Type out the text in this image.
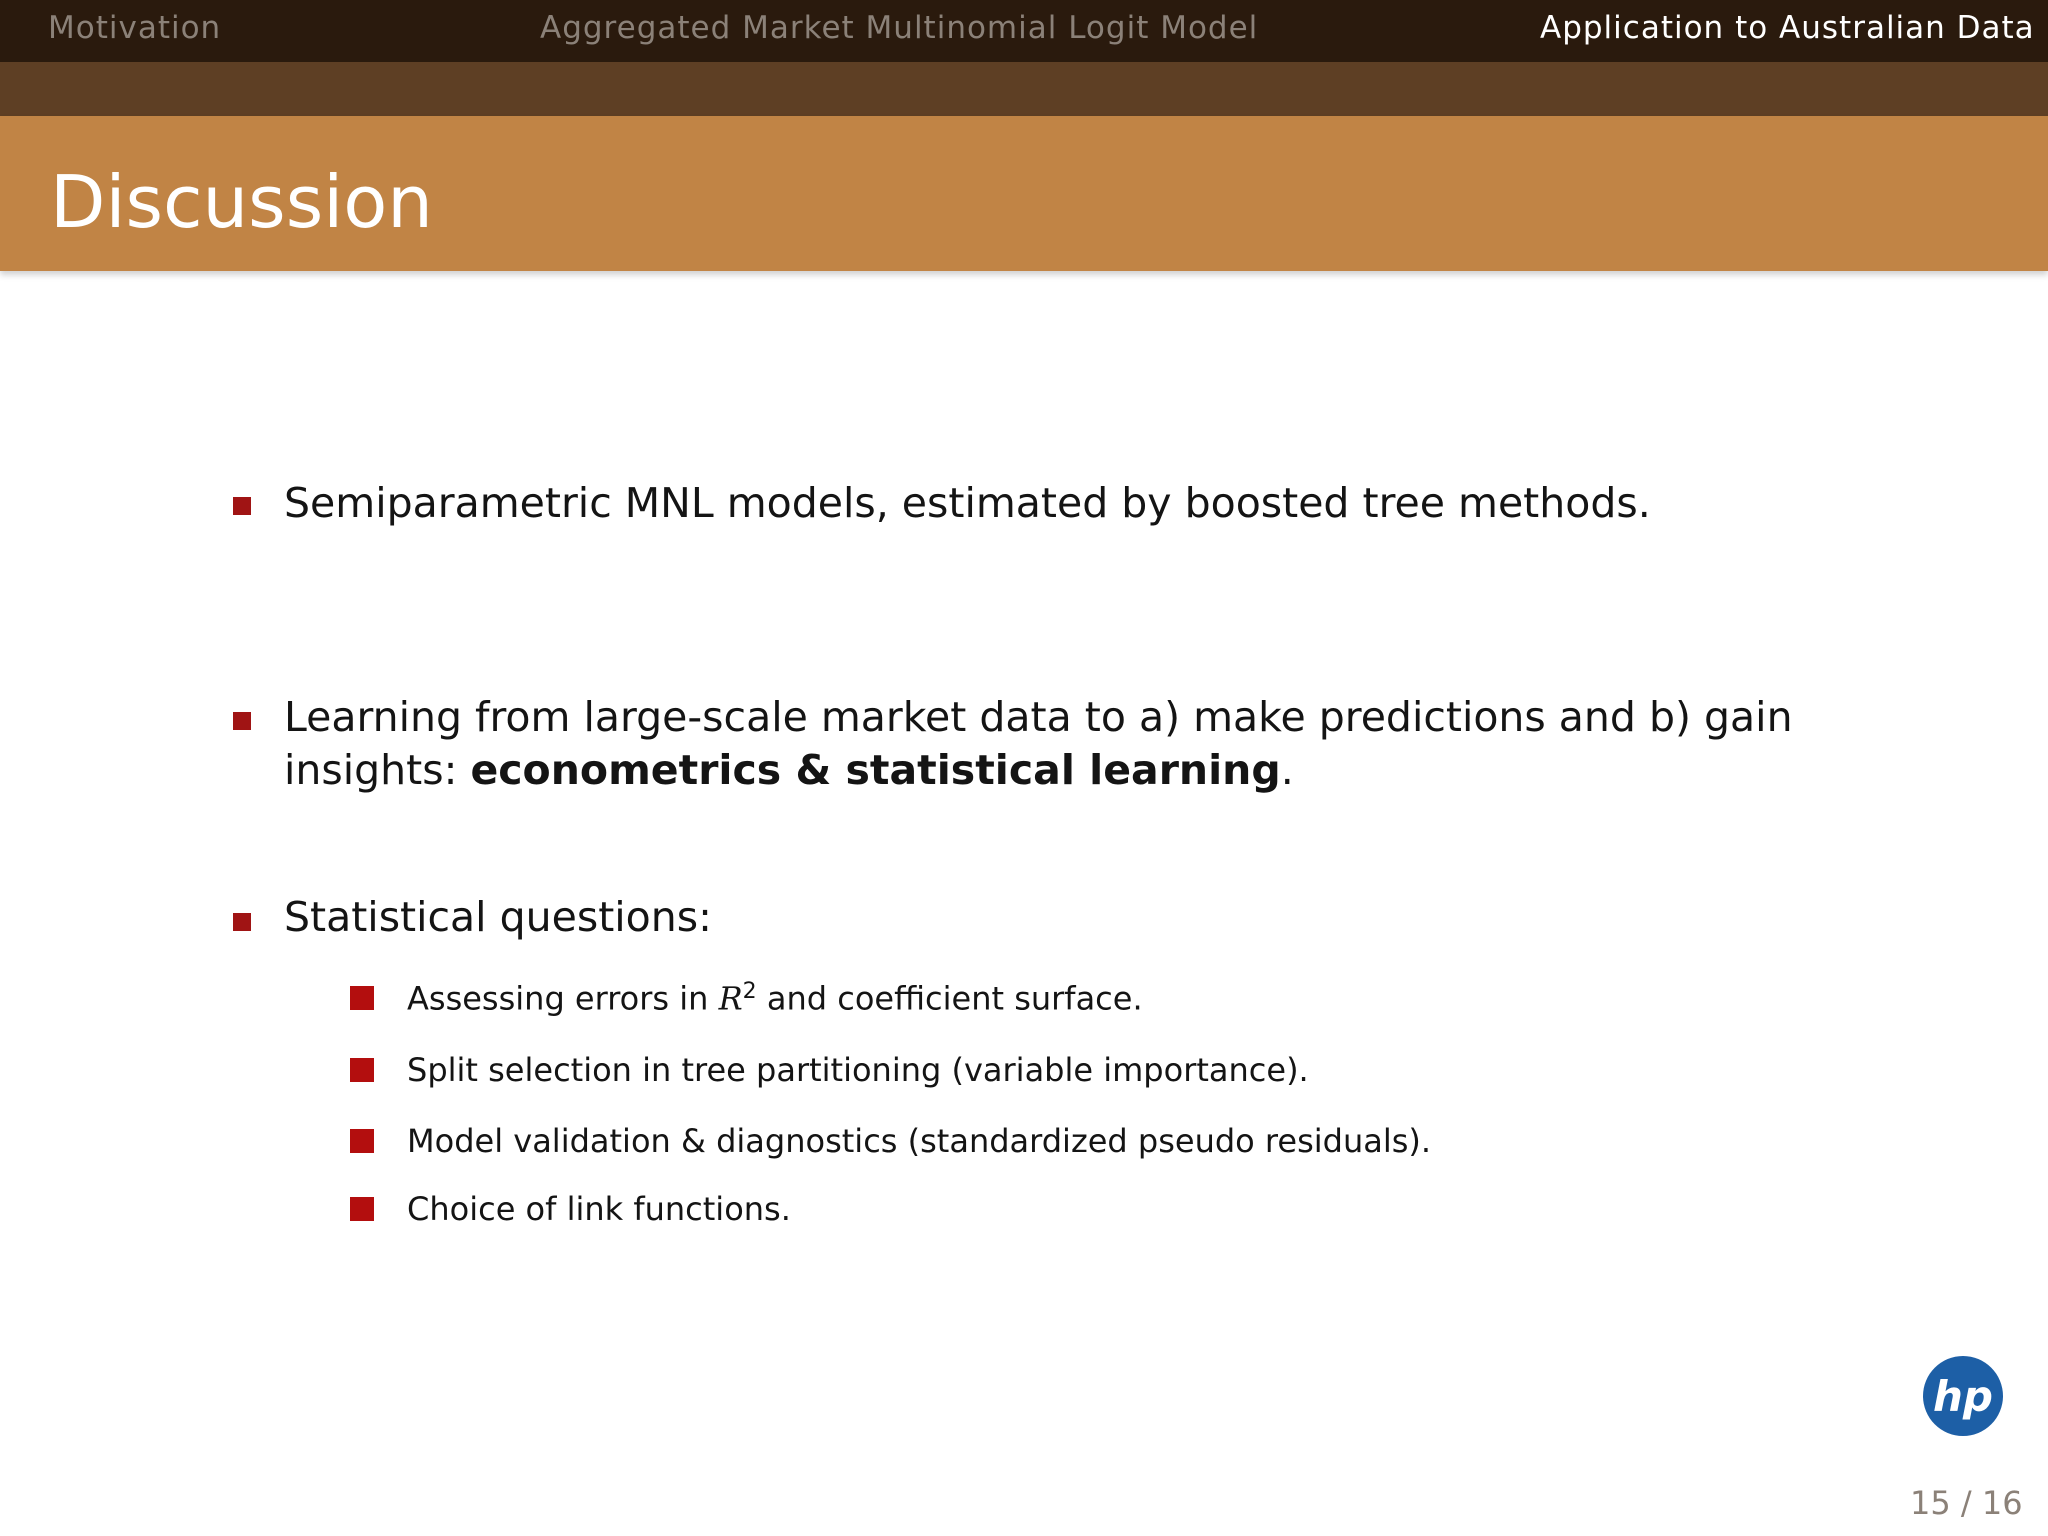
Motivation	Aggregated Market Multinomial Logit Model	Application to Australian Data
Discussion
Semiparametric MNL models, estimated by boosted tree methods.
Learning from large-scale market data to a) make predictions and b) gain
insights: econometrics & statistical learning.
Statistical questions:
Assessing errors in $R^2$ and coefficient surface.
Split selection in tree partitioning (variable importance).
Model validation & diagnostics (standardized pseudo residuals).
Choice of link functions.
hp
15 / 16
